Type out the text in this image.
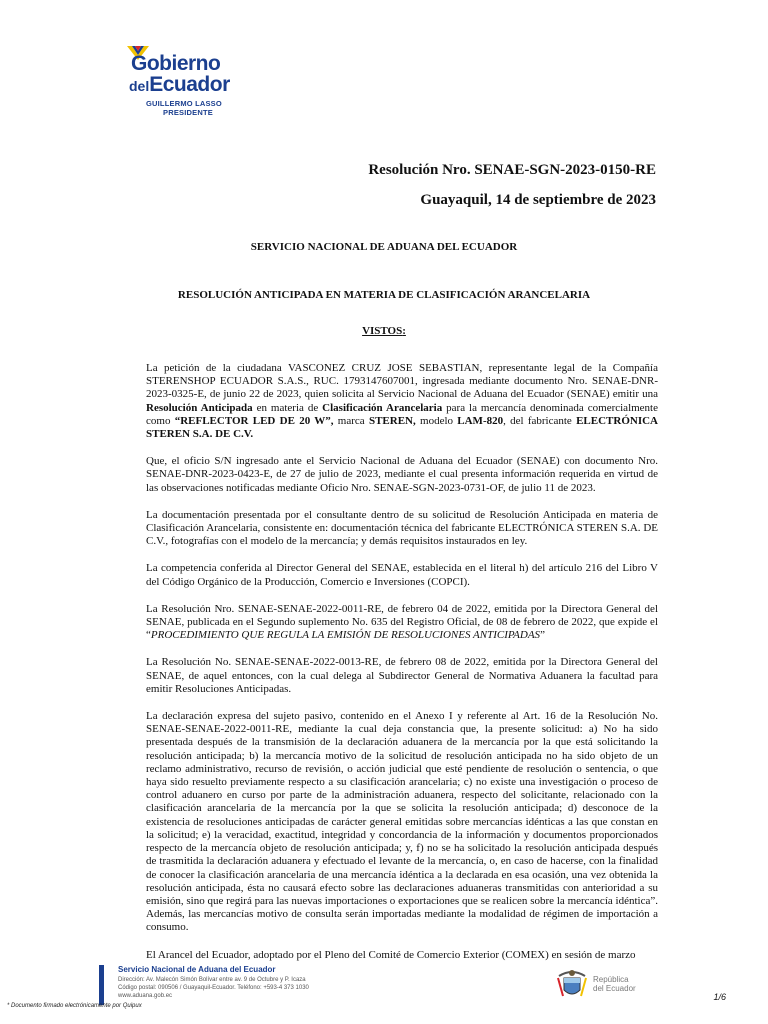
Gobierno
delEcuador
GUILLERMO LASSO
PRESIDENTE
Resolución Nro. SENAE-SGN-2023-0150-RE
Guayaquil, 14 de septiembre de 2023
SERVICIO NACIONAL DE ADUANA DEL ECUADOR
RESOLUCIÓN ANTICIPADA EN MATERIA DE CLASIFICACIÓN ARANCELARIA
VISTOS:

La petición de la ciudadana VASCONEZ CRUZ JOSE SEBASTIAN, representante legal de la Compañía STERENSHOP ECUADOR S.A.S., RUC. 1793147607001, ingresada mediante documento Nro. SENAE-DNR-2023-0325-E, de junio 22 de 2023, quien solicita al Servicio Nacional de Aduana del Ecuador (SENAE) emitir una Resolución Anticipada en materia de Clasificación Arancelaria para la mercancía denominada comercialmente como “REFLECTOR LED DE 20 W”, marca STEREN, modelo LAM-820, del fabricante ELECTRÓNICA STEREN S.A. DE C.V.

Que, el oficio S/N ingresado ante el Servicio Nacional de Aduana del Ecuador (SENAE) con documento Nro. SENAE-DNR-2023-0423-E, de 27 de julio de 2023, mediante el cual presenta información requerida en virtud de las observaciones notificadas mediante Oficio Nro. SENAE-SGN-2023-0731-OF, de julio 11 de 2023.

La documentación presentada por el consultante dentro de su solicitud de Resolución Anticipada en materia de Clasificación Arancelaria, consistente en: documentación técnica del fabricante ELECTRÓNICA STEREN S.A. DE C.V., fotografías con el modelo de la mercancía; y demás requisitos instaurados en ley.

La competencia conferida al Director General del SENAE, establecida en el literal h) del artículo 216 del Libro V del Código Orgánico de la Producción, Comercio e Inversiones (COPCI).

La Resolución Nro. SENAE-SENAE-2022-0011-RE, de febrero 04 de 2022, emitida por la Directora General del SENAE, publicada en el Segundo suplemento No. 635 del Registro Oficial, de 08 de febrero de 2022, que expide el “PROCEDIMIENTO QUE REGULA LA EMISIÓN DE RESOLUCIONES ANTICIPADAS”

La Resolución No. SENAE-SENAE-2022-0013-RE, de febrero 08 de 2022, emitida por la Directora General del SENAE, de aquel entonces, con la cual delega al Subdirector General de Normativa Aduanera la facultad para emitir Resoluciones Anticipadas.

La declaración expresa del sujeto pasivo, contenido en el Anexo I y referente al Art. 16 de la Resolución No. SENAE-SENAE-2022-0011-RE, mediante la cual deja constancia que, la presente solicitud: a) No ha sido presentada después de la transmisión de la declaración aduanera de la mercancía por la que está solicitando la resolución anticipada; b) la mercancía motivo de la solicitud de resolución anticipada no ha sido objeto de un reclamo administrativo, recurso de revisión, o acción judicial que esté pendiente de resolución o sentencia, o que haya sido resuelto previamente respecto a su clasificación arancelaria; c) no existe una investigación o proceso de control aduanero en curso por parte de la administración aduanera, respecto del solicitante, relacionado con la clasificación arancelaria de la mercancía por la que se solicita la resolución anticipada; d) desconoce de la existencia de resoluciones anticipadas de carácter general emitidas sobre mercancías idénticas a las que constan en la solicitud; e) la veracidad, exactitud, integridad y concordancia de la información y documentos proporcionados respecto de la mercancía objeto de resolución anticipada; y, f) no se ha solicitado la resolución anticipada después de trasmitida la declaración aduanera y efectuado el levante de la mercancía, o, en caso de hacerse, con la finalidad de conocer la clasificación arancelaria de una mercancía idéntica a la declarada en esa ocasión, una vez obtenida la resolución anticipada, ésta no causará efecto sobre las declaraciones aduaneras transmitidas con anterioridad a su emisión, sino que regirá para las nuevas importaciones o exportaciones que se realicen sobre la mercancía idéntica”. Además, las mercancías motivo de consulta serán importadas mediante la modalidad de régimen de importación a consumo.

El Arancel del Ecuador, adoptado por el Pleno del Comité de Comercio Exterior (COMEX) en sesión de marzo

Servicio Nacional de Aduana del Ecuador
Dirección: Av. Malecón Simón Bolívar entre av. 9 de Octubre y P. Icaza
Código postal: 090506 / Guayaquil-Ecuador. Teléfono: +593-4 373 1030
www.aduana.gob.ec
República
del Ecuador
1/6
* Documento firmado electrónicamente por Quipux
